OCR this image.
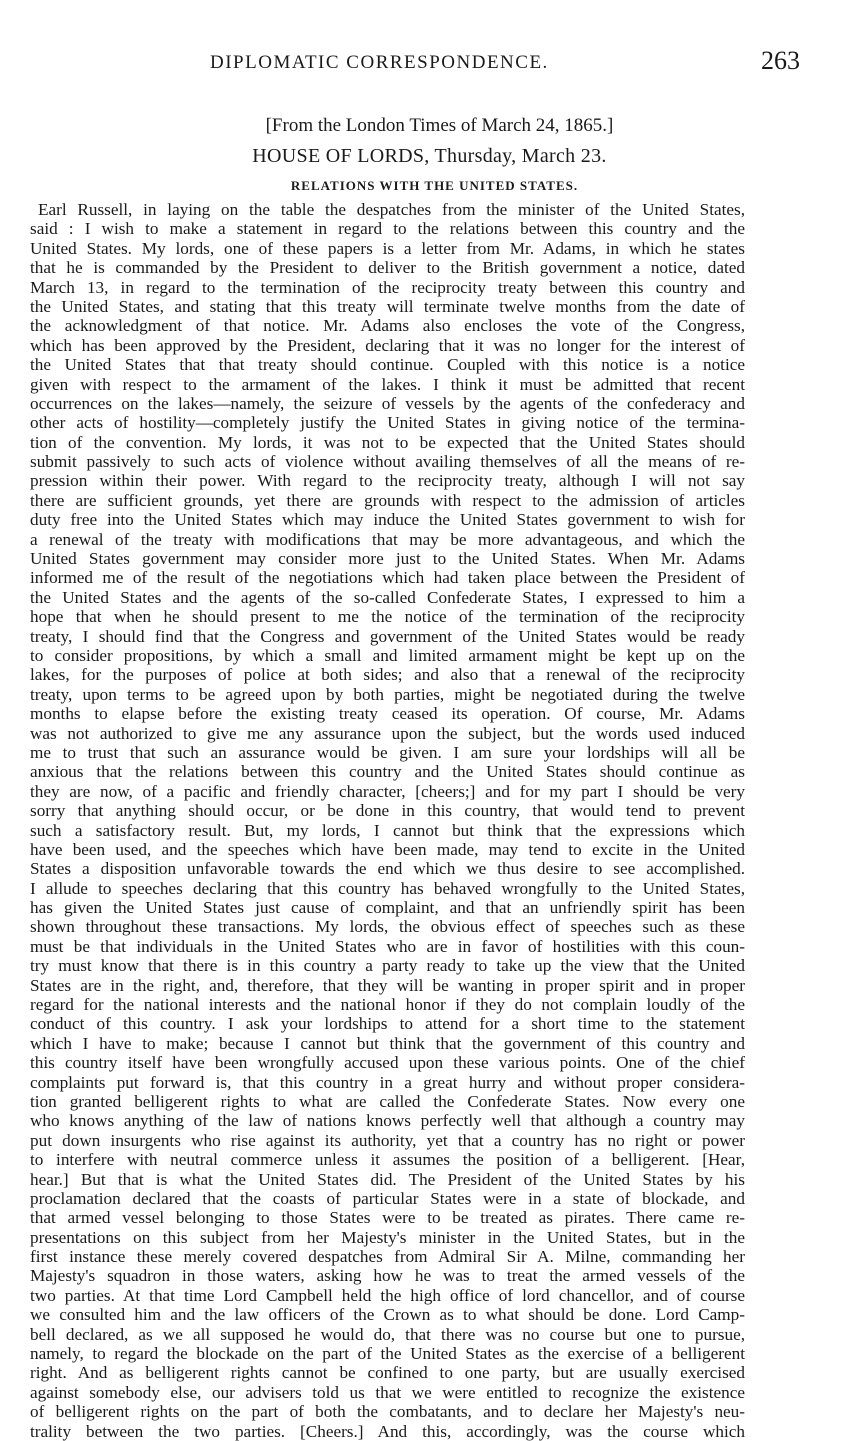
DIPLOMATIC CORRESPONDENCE.	263
[From the London Times of March 24, 1865.]
HOUSE OF LORDS, Thursday, March 23.
RELATIONS WITH THE UNITED STATES.
Earl Russell, in laying on the table the despatches from the minister of the United States,
said : I wish to make a statement in regard to the relations between this country and the
United States. My lords, one of these papers is a letter from Mr. Adams, in which he states
that he is commanded by the President to deliver to the British government a notice, dated
March 13, in regard to the termination of the reciprocity treaty between this country and
the United States, and stating that this treaty will terminate twelve months from the date of
the acknowledgment of that notice. Mr. Adams also encloses the vote of the Congress,
which has been approved by the President, declaring that it was no longer for the interest of
the United States that that treaty should continue. Coupled with this notice is a notice
given with respect to the armament of the lakes. I think it must be admitted that recent
occurrences on the lakes—namely, the seizure of vessels by the agents of the confederacy and
other acts of hostility—completely justify the United States in giving notice of the termina-
tion of the convention. My lords, it was not to be expected that the United States should
submit passively to such acts of violence without availing themselves of all the means of re-
pression within their power. With regard to the reciprocity treaty, although I will not say
there are sufficient grounds, yet there are grounds with respect to the admission of articles
duty free into the United States which may induce the United States government to wish for
a renewal of the treaty with modifications that may be more advantageous, and which the
United States government may consider more just to the United States. When Mr. Adams
informed me of the result of the negotiations which had taken place between the President of
the United States and the agents of the so-called Confederate States, I expressed to him a
hope that when he should present to me the notice of the termination of the reciprocity
treaty, I should find that the Congress and government of the United States would be ready
to consider propositions, by which a small and limited armament might be kept up on the
lakes, for the purposes of police at both sides; and also that a renewal of the reciprocity
treaty, upon terms to be agreed upon by both parties, might be negotiated during the twelve
months to elapse before the existing treaty ceased its operation. Of course, Mr. Adams
was not authorized to give me any assurance upon the subject, but the words used induced
me to trust that such an assurance would be given. I am sure your lordships will all be
anxious that the relations between this country and the United States should continue as
they are now, of a pacific and friendly character, [cheers;] and for my part I should be very
sorry that anything should occur, or be done in this country, that would tend to prevent
such a satisfactory result. But, my lords, I cannot but think that the expressions which
have been used, and the speeches which have been made, may tend to excite in the United
States a disposition unfavorable towards the end which we thus desire to see accomplished.
I allude to speeches declaring that this country has behaved wrongfully to the United States,
has given the United States just cause of complaint, and that an unfriendly spirit has been
shown throughout these transactions. My lords, the obvious effect of speeches such as these
must be that individuals in the United States who are in favor of hostilities with this coun-
try must know that there is in this country a party ready to take up the view that the United
States are in the right, and, therefore, that they will be wanting in proper spirit and in proper
regard for the national interests and the national honor if they do not complain loudly of the
conduct of this country. I ask your lordships to attend for a short time to the statement
which I have to make; because I cannot but think that the government of this country and
this country itself have been wrongfully accused upon these various points. One of the chief
complaints put forward is, that this country in a great hurry and without proper considera-
tion granted belligerent rights to what are called the Confederate States. Now every one
who knows anything of the law of nations knows perfectly well that although a country may
put down insurgents who rise against its authority, yet that a country has no right or power
to interfere with neutral commerce unless it assumes the position of a belligerent. [Hear,
hear.] But that is what the United States did. The President of the United States by his
proclamation declared that the coasts of particular States were in a state of blockade, and
that armed vessel belonging to those States were to be treated as pirates. There came re-
presentations on this subject from her Majesty's minister in the United States, but in the
first instance these merely covered despatches from Admiral Sir A. Milne, commanding her
Majesty's squadron in those waters, asking how he was to treat the armed vessels of the
two parties. At that time Lord Campbell held the high office of lord chancellor, and of course
we consulted him and the law officers of the Crown as to what should be done. Lord Camp-
bell declared, as we all supposed he would do, that there was no course but one to pursue,
namely, to regard the blockade on the part of the United States as the exercise of a belligerent
right. And as belligerent rights cannot be confined to one party, but are usually exercised
against somebody else, our advisers told us that we were entitled to recognize the existence
of belligerent rights on the part of both the combatants, and to declare her Majesty's neu-
trality between the two parties. [Cheers.] And this, accordingly, was the course which
